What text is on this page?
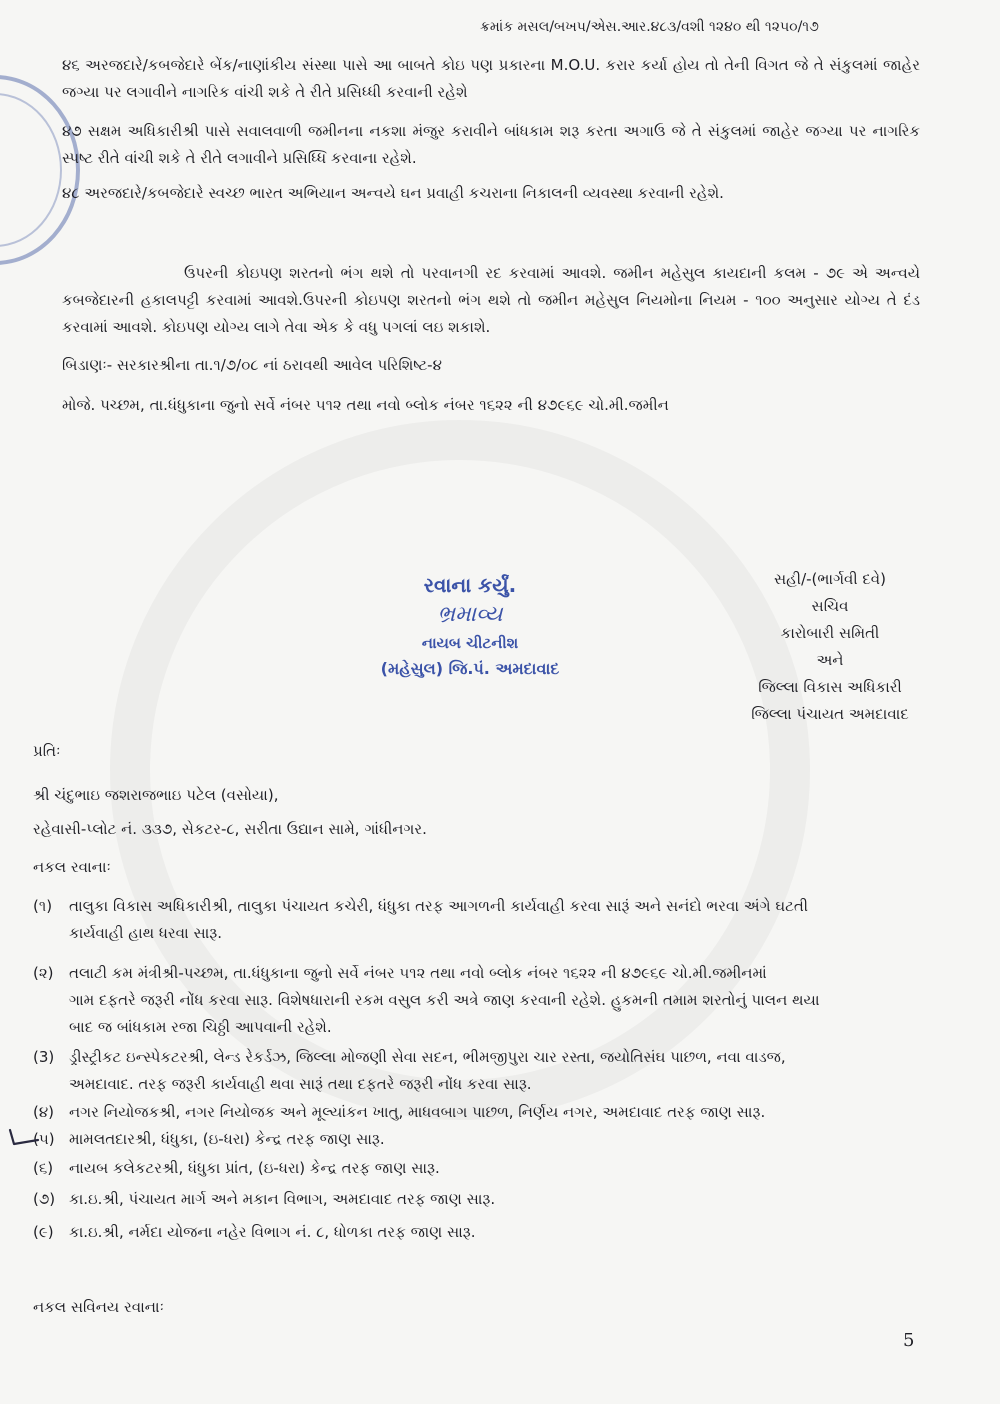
ક્રમાંક મસલ/બખપ/એસ.આર.૪૮૩/વશી ૧૨૪૦ થી ૧૨૫૦/૧૭
૪૬ અરજદારે/કબજેદારે બેંક/નાણાંકીય સંસ્થા પાસે આ બાબતે કોઇ પણ પ્રકારના M.O.U. કરાર કર્યા હોય તો તેની વિગત જે તે સંકુલમાં જાહેર જગ્યા પર લગાવીને નાગરિક વાંચી શકે તે રીતે પ્રસિધ્ધી કરવાની રહેશે
૪૭ સક્ષમ અધિકારીશ્રી પાસે સવાલવાળી જમીનના નકશા મંજુર કરાવીને બાંધકામ શરૂ કરતા અગાઉ જે તે સંકુલમાં જાહેર જગ્યા પર નાગરિક સ્પષ્ટ રીતે વાંચી શકે તે રીતે લગાવીને પ્રસિધ્ધિ કરવાના રહેશે.
૪૮ અરજદારે/કબજેદારે સ્વચ્છ ભારત અભિયાન અન્વયે ઘન પ્રવાહી કચરાના નિકાલની વ્યવસ્થા કરવાની રહેશે.
ઉપરની કોઇપણ શરતનો ભંગ થશે તો પરવાનગી રદ કરવામાં આવશે. જમીન મહેસુલ કાયદાની કલમ - ૭૯ એ અન્વયે કબજેદારની હકાલપટ્ટી કરવામાં આવશે.ઉપરની કોઇપણ શરતનો ભંગ થશે તો જમીન મહેસુલ નિયમોના નિયમ - ૧૦૦ અનુસાર યોગ્ય તે દંડ કરવામાં આવશે. કોઇપણ યોગ્ય લાગે તેવા એક કે વધુ પગલાં લઇ શકાશે.
બિડાણઃ- સરકારશ્રીના તા.૧/૭/૦૮ નાં ઠરાવથી આવેલ પરિશિષ્ટ-૪
મોજે. પચ્છમ, તા.ધંધુકાના જુનો સર્વે નંબર ૫૧૨ તથા નવો બ્લોક નંબર ૧૬૨૨ ની ૪૭૯૬૯ ચો.મી.જમીન
રવાના કર્યું.
ભ્રમાવ્ય
નાયબ ચીટનીશ
(મહેસુલ) જિ.પં. અમદાવાદ
સહી/-(ભાર્ગવી દવે)
સચિવ
કારોબારી સમિતી
અને
જિલ્લા વિકાસ અધિકારી
જિલ્લા પંચાયત અમદાવાદ
પ્રતિઃ
શ્રી ચંદુભાઇ જશરાજભાઇ પટેલ (વસોયા),
રહેવાસી-પ્લોટ નં. ૩૩૭, સેકટર-૮, સરીતા ઉદ્યાન સામે, ગાંધીનગર.
નકલ રવાનાઃ
(૧) તાલુકા વિકાસ અધિકારીશ્રી, તાલુકા પંચાયત કચેરી, ધંધુકા તરફ આગળની કાર્યવાહી કરવા સારૂં અને સનંદો ભરવા અંગે ઘટતી
કાર્યવાહી હાથ ધરવા સારૂ.
(૨) તલાટી કમ મંત્રીશ્રી-પચ્છમ, તા.ધંધુકાના જુનો સર્વે નંબર ૫૧૨ તથા નવો બ્લોક નંબર ૧૬૨૨ ની ૪૭૯૬૯ ચો.મી.જમીનમાં
ગામ દફતરે જરૂરી નોંધ કરવા સારૂ. વિશેષધારાની રકમ વસુલ કરી અત્રે જાણ કરવાની રહેશે. હુકમની તમામ શરતોનું પાલન થયા
બાદ જ બાંધકામ રજા ચિઠ્ઠી આપવાની રહેશે.
(3) ડ્રીસ્ટ્રીકટ ઇન્સ્પેકટરશ્રી, લેન્ડ રેકર્ડઝ, જિલ્લા મોજણી સેવા સદન, ભીમજીપુરા ચાર રસ્તા, જયોતિસંઘ પાછળ, નવા વાડજ,
અમદાવાદ. તરફ જરૂરી કાર્યવાહી થવા સારૂં તથા દફતરે જરૂરી નોંધ કરવા સારૂ.
(૪) નગર નિયોજકશ્રી, નગર નિયોજક અને મૂલ્યાંકન ખાતુ, માધવબાગ પાછળ, નિર્ણય નગર, અમદાવાદ તરફ જાણ સારૂ.
(૫) મામલતદારશ્રી, ધંધુકા, (ઇ-ધરા) કેન્દ્ર તરફ જાણ સારૂ.
(૬) નાયબ કલેકટરશ્રી, ધંધુકા પ્રાંત, (ઇ-ધરા) કેન્દ્ર તરફ જાણ સારૂ.
(૭) કા.ઇ.શ્રી, પંચાયત માર્ગ અને મકાન વિભાગ, અમદાવાદ તરફ જાણ સારૂ.
(૯) કા.ઇ.શ્રી, નર્મદા યોજના નહેર વિભાગ નં. ૮, ધોળકા તરફ જાણ સારૂ.
નકલ સવિનય રવાનાઃ
5
